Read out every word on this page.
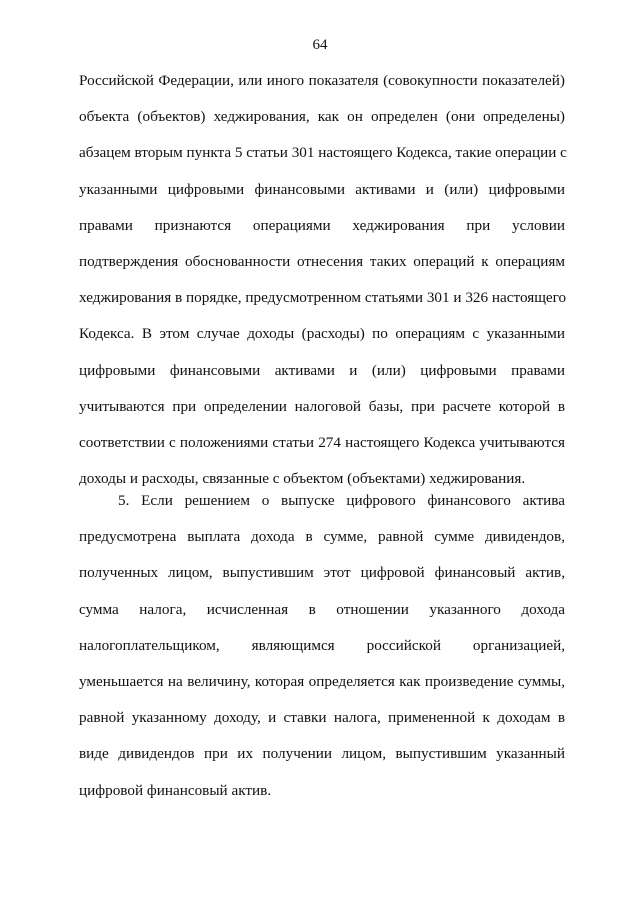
64
Российской Федерации, или иного показателя (совокупности показателей)
объекта (объектов) хеджирования, как он определен (они определены)
абзацем вторым пункта 5 статьи 301 настоящего Кодекса, такие операции с
указанными цифровыми финансовыми активами и (или) цифровыми
правами признаются операциями хеджирования при условии
подтверждения обоснованности отнесения таких операций к операциям
хеджирования в порядке, предусмотренном статьями 301 и 326 настоящего
Кодекса. В этом случае доходы (расходы) по операциям с указанными
цифровыми финансовыми активами и (или) цифровыми правами
учитываются при определении налоговой базы, при расчете которой в
соответствии с положениями статьи 274 настоящего Кодекса учитываются
доходы и расходы, связанные с объектом (объектами) хеджирования.
5. Если решением о выпуске цифрового финансового актива
предусмотрена выплата дохода в сумме, равной сумме дивидендов,
полученных лицом, выпустившим этот цифровой финансовый актив,
сумма налога, исчисленная в отношении указанного дохода
налогоплательщиком, являющимся российской организацией,
уменьшается на величину, которая определяется как произведение суммы,
равной указанному доходу, и ставки налога, примененной к доходам в
виде дивидендов при их получении лицом, выпустившим указанный
цифровой финансовый актив.
